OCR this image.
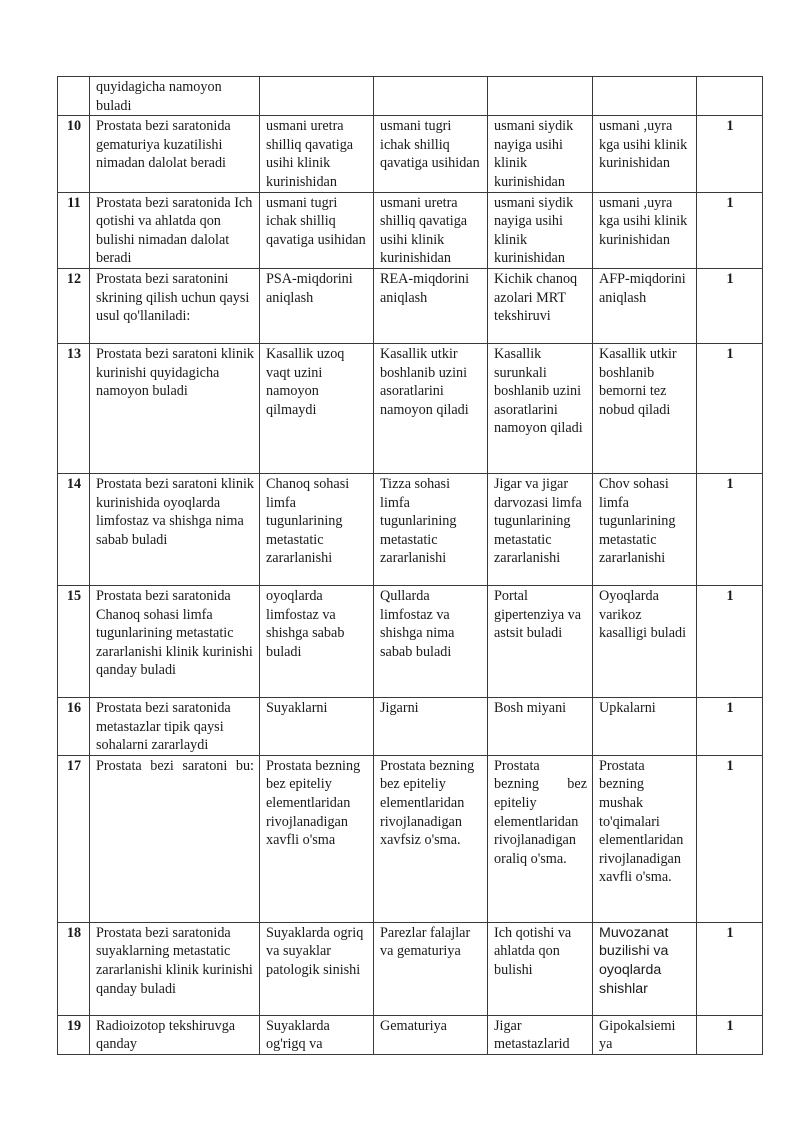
	quyidagicha namoyon buladi					
10	Prostata bezi saratonida gematuriya kuzatilishi nimadan dalolat beradi	usmani uretra shilliq qavatiga usihi klinik kurinishidan	usmani tugri ichak shilliq qavatiga usihidan	usmani siydik nayiga usihi klinik kurinishidan	usmani ,uyra kga usihi klinik kurinishidan	1
11	Prostata bezi saratonida Ich qotishi va ahlatda qon bulishi nimadan dalolat beradi	usmani tugri ichak shilliq qavatiga usihidan	usmani uretra shilliq qavatiga usihi klinik kurinishidan	usmani siydik nayiga usihi klinik kurinishidan	usmani ,uyra kga usihi klinik kurinishidan	1
12	Prostata bezi saratonini skrining qilish uchun qaysi usul qo'llaniladi:	PSA-miqdorini aniqlash	REA-miqdorini aniqlash	Kichik chanoq azolari MRT tekshiruvi	AFP-miqdorini aniqlash	1
13	Prostata bezi saratoni klinik kurinishi quyidagicha namoyon buladi	Kasallik uzoq vaqt uzini namoyon qilmaydi	Kasallik utkir boshlanib uzini asoratlarini namoyon qiladi	Kasallik surunkali boshlanib uzini asoratlarini namoyon qiladi	Kasallik utkir boshlanib bemorni tez nobud qiladi	1
14	Prostata bezi saratoni klinik kurinishida oyoqlarda limfostaz va shishga nima sabab buladi	Chanoq sohasi limfa tugunlarining metastatic zararlanishi	Tizza sohasi limfa tugunlarining metastatic zararlanishi	Jigar va jigar darvozasi limfa tugunlarining metastatic zararlanishi	Chov sohasi limfa tugunlarining metastatic zararlanishi	1
15	Prostata bezi saratonida Chanoq sohasi limfa tugunlarining metastatic zararlanishi klinik kurinishi qanday buladi	oyoqlarda limfostaz va shishga sabab buladi	Qullarda limfostaz va shishga nima sabab buladi	Portal gipertenziya va astsit buladi	Oyoqlarda varikoz kasalligi buladi	1
16	Prostata bezi saratonida metastazlar tipik qaysi sohalarni zararlaydi	Suyaklarni	Jigarni	Bosh miyani	Upkalarni	1
17	Prostata bezi saratoni bu:	Prostata bezning bez epiteliy elementlaridan rivojlanadigan xavfli o'sma	Prostata bezning bez epiteliy elementlaridan rivojlanadigan xavfsiz o'sma.	Prostata bezning bez epiteliy elementlaridan rivojlanadigan oraliq o'sma.	Prostata bezning mushak to'qimalari elementlaridan rivojlanadigan xavfli o'sma.	1
18	Prostata bezi saratonida suyaklarning metastatic zararlanishi klinik kurinishi qanday buladi	Suyaklarda ogriq va suyaklar patologik sinishi	Parezlar falajlar va gematuriya	Ich qotishi va ahlatda qon bulishi	Muvozanat buzilishi va oyoqlarda shishlar	1
19	Radioizotop tekshiruvga qanday	Suyaklarda og'rigq va	Gematuriya	Jigar metastazlarid	Gipokalsiemi ya	1
